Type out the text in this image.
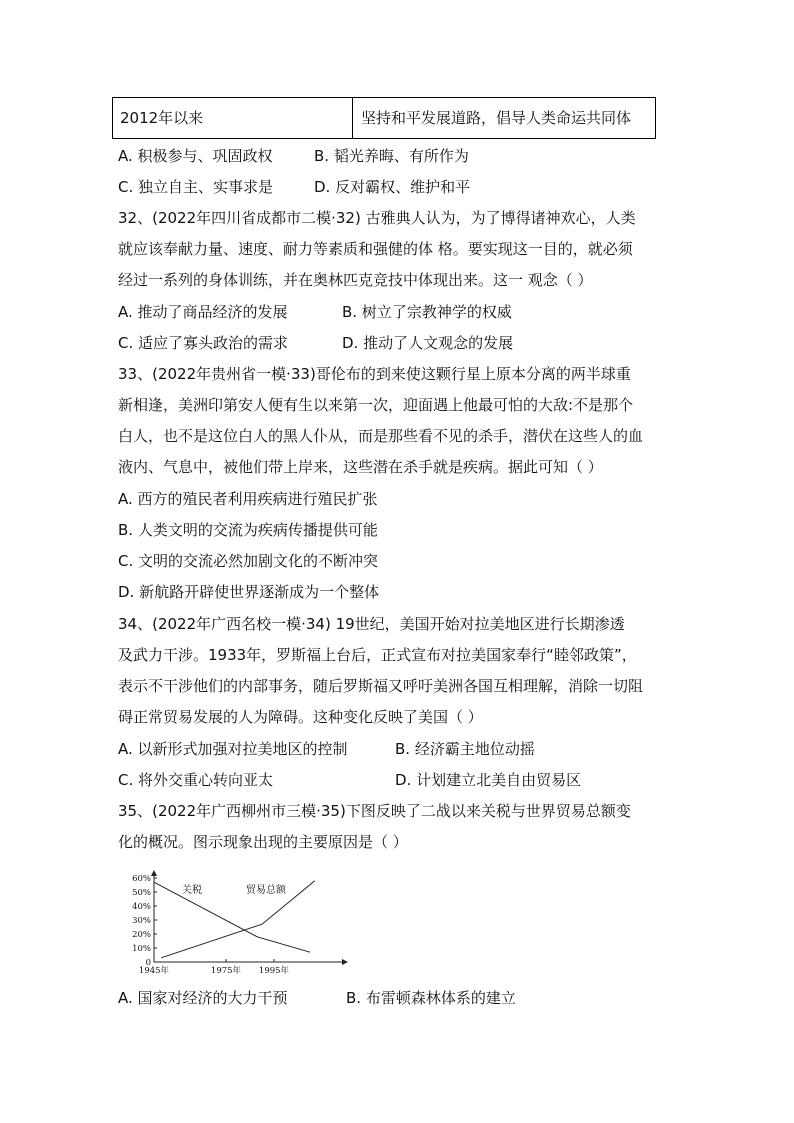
2012年以来	坚持和平发展道路，倡导人类命运共同体
A. 积极参与、巩固政权	B. 韬光养晦、有所作为
C. 独立自主、实事求是	D. 反对霸权、维护和平
32、(2022年四川省成都市二模·32) 古雅典人认为，为了博得诸神欢心，人类
就应该奉献力量、速度、耐力等素质和强健的体 格。要实现这一目的，就必须
经过一系列的身体训练，并在奥林匹克竞技中体现出来。这一 观念（ ）
A. 推动了商品经济的发展	B. 树立了宗教神学的权威
C. 适应了寡头政治的需求	D. 推动了人文观念的发展
33、(2022年贵州省一模·33)哥伦布的到来使这颗行星上原本分离的两半球重
新相逢，美洲印第安人便有生以来第一次，迎面遇上他最可怕的大敌:不是那个
白人，也不是这位白人的黑人仆从，而是那些看不见的杀手，潜伏在这些人的血
液内、气息中，被他们带上岸来，这些潜在杀手就是疾病。据此可知（ ）
A. 西方的殖民者利用疾病进行殖民扩张
B. 人类文明的交流为疾病传播提供可能
C. 文明的交流必然加剧文化的不断冲突
D. 新航路开辟使世界逐渐成为一个整体
34、(2022年广西名校一模·34) 19世纪，美国开始对拉美地区进行长期渗透
及武力干涉。1933年，罗斯福上台后，正式宣布对拉美国家奉行“睦邻政策”，
表示不干涉他们的内部事务，随后罗斯福又呼吁美洲各国互相理解，消除一切阻
碍正常贸易发展的人为障碍。这种变化反映了美国（ ）
A. 以新形式加强对拉美地区的控制	B. 经济霸主地位动摇
C. 将外交重心转向亚太	D. 计划建立北美自由贸易区
35、(2022年广西柳州市三模·35)下图反映了二战以来关税与世界贸易总额变
化的概况。图示现象出现的主要原因是（ ）
0
10%
20%
30%
40%
50%
60%
1945年	1975年 1995年
关税	贸易总额
A. 国家对经济的大力干预	B. 布雷顿森林体系的建立
